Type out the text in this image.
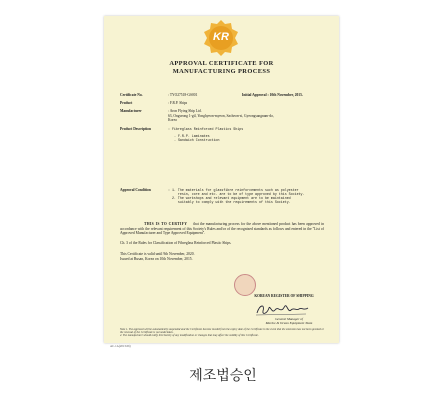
KR
APPROVAL CERTIFICATE FOR
MANUFACTURING PROCESS
Certificate No.	: TYO27518-GS001	Initial Approval : 10th November, 2015.
Product	: F.R.P. Ships
Manufacturer	: Aron Flying Ship Ltd.
63, Ongseong 1-gil, Yonghyeon-myeon, Sacheon-si, Gyeongsangnam-do,
Korea
Product Description	: Fibreglass Reinforced Plastics Ships
- F.R.P. Laminates
- Sandwich Construction
Approval Condition	: 1. The materials for glassfibre reinforcements such as polyester
resin, core and etc. are to be of type approved by this Society.
2. The workshops and relevant equipment are to be maintained
suitably to comply with the requirements of this Society.
THIS IS TO CERTIFY that the manufacturing process for the above mentioned product has been approved in accordance with the relevant requirement of this Society's Rules and/or of the recognized standards as follows and entered in the "List of Approved Manufacturer and Type Approved Equipment".
Ch. 3 of the Rules for Classification of Fibreglass Reinforced Plastic Ships.
This Certificate is valid until 9th November, 2020.
Issued at Busan, Korea on 10th November, 2015.
KOREAN REGISTER OF SHIPPING
General Manager of
Marine & Ocean Equipment Team
Note 1. The approval will be automatically suspended and the Certificate become invalid from the expiry date of the Certificate in the event that the extension has not been granted or the renewal of the Certificate is not undertaken.
2. The manufacturer should notify this Society of any modification or changes that may affect the validity of this Certificate.
AC-1A(2013.06)
제조법승인
